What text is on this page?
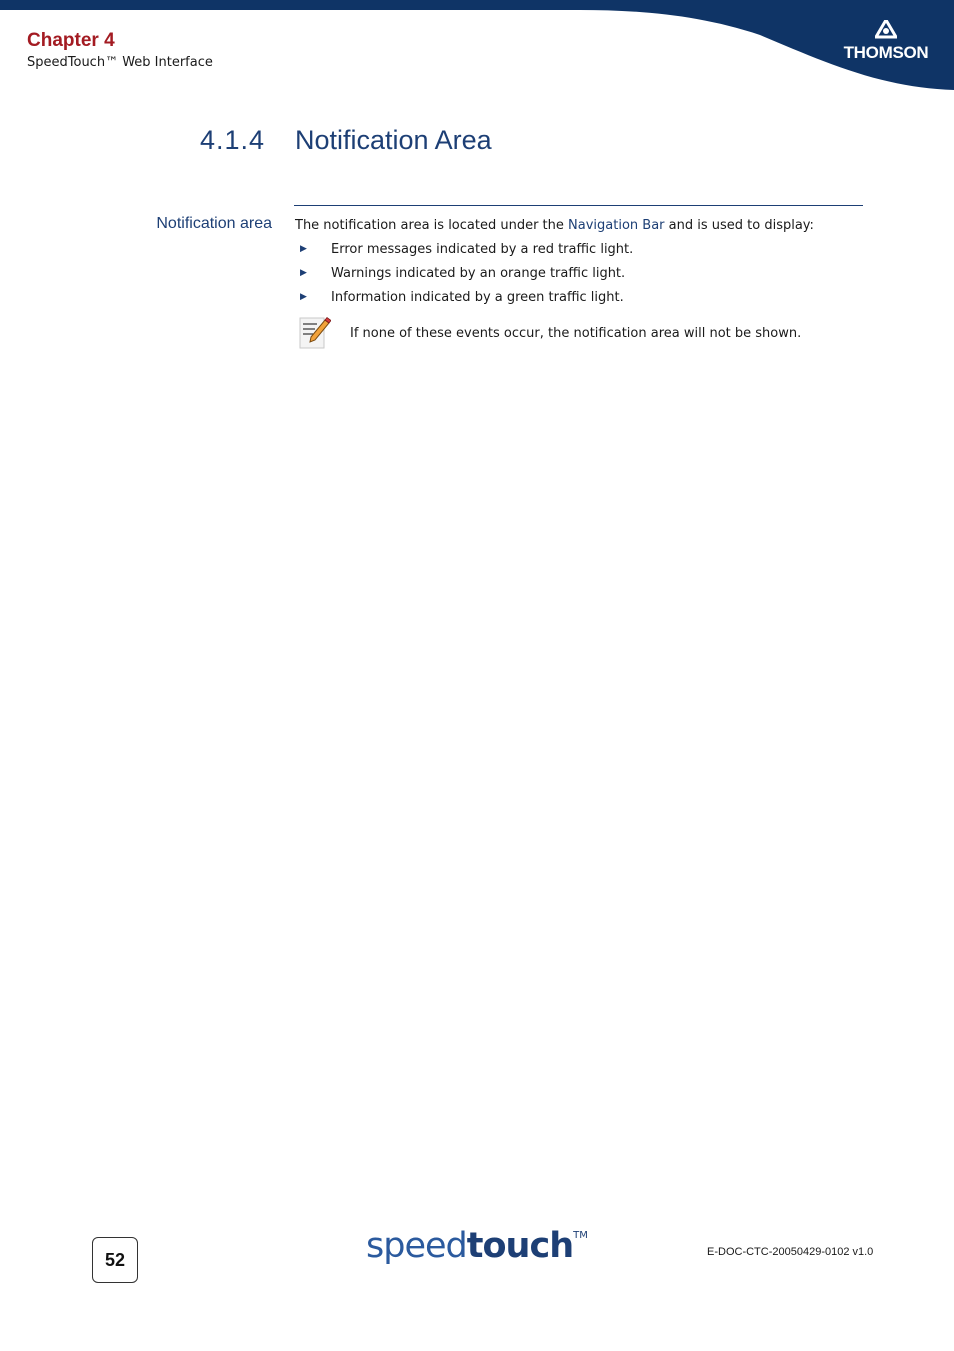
Chapter 4
SpeedTouch™ Web Interface
THOMSON
4.1.4 Notification Area
Notification area The notification area is located under the Navigation Bar and is used to display:
▶ Error messages indicated by a red traffic light.
▶ Warnings indicated by an orange traffic light.
▶ Information indicated by a green traffic light.
If none of these events occur, the notification area will not be shown.
52	speedtouch™
E-DOC-CTC-20050429-0102 v1.0
